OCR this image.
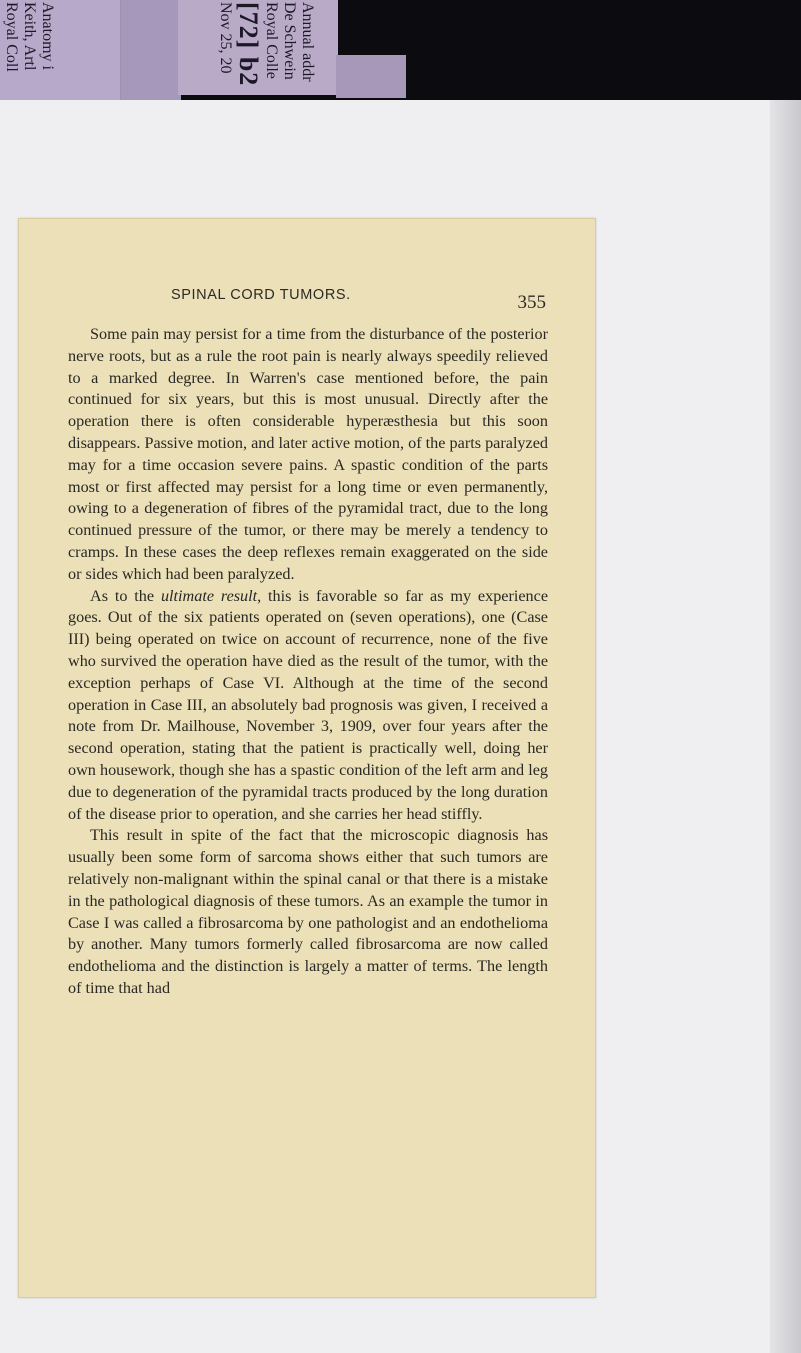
Anatomy i
Keith, Artl
Royal Coll	Annual addr
De Schwein
Royal Colle
[72] b2
Nov 25, 20
SPINAL CORD TUMORS.	355

Some pain may persist for a time from the disturbance of the posterior nerve roots, but as a rule the root pain is nearly always speedily relieved to a marked degree. In Warren's case mentioned before, the pain continued for six years, but this is most unusual. Directly after the operation there is often considerable hyperæsthesia but this soon disappears. Passive motion, and later active motion, of the parts paralyzed may for a time occasion severe pains. A spastic condition of the parts most or first affected may persist for a long time or even permanently, owing to a degeneration of fibres of the pyramidal tract, due to the long continued pressure of the tumor, or there may be merely a tendency to cramps. In these cases the deep reflexes remain exaggerated on the side or sides which had been paralyzed.

As to the ultimate result, this is favorable so far as my experience goes. Out of the six patients operated on (seven operations), one (Case III) being operated on twice on account of recurrence, none of the five who survived the operation have died as the result of the tumor, with the exception perhaps of Case VI. Although at the time of the second operation in Case III, an absolutely bad prognosis was given, I received a note from Dr. Mailhouse, November 3, 1909, over four years after the second operation, stating that the patient is practically well, doing her own housework, though she has a spastic condition of the left arm and leg due to degeneration of the pyramidal tracts produced by the long duration of the disease prior to operation, and she carries her head stiffly.

This result in spite of the fact that the microscopic diagnosis has usually been some form of sarcoma shows either that such tumors are relatively non-malignant within the spinal canal or that there is a mistake in the pathological diagnosis of these tumors. As an example the tumor in Case I was called a fibrosarcoma by one pathologist and an endothelioma by another. Many tumors formerly called fibrosarcoma are now called endothelioma and the distinction is largely a matter of terms. The length of time that had
